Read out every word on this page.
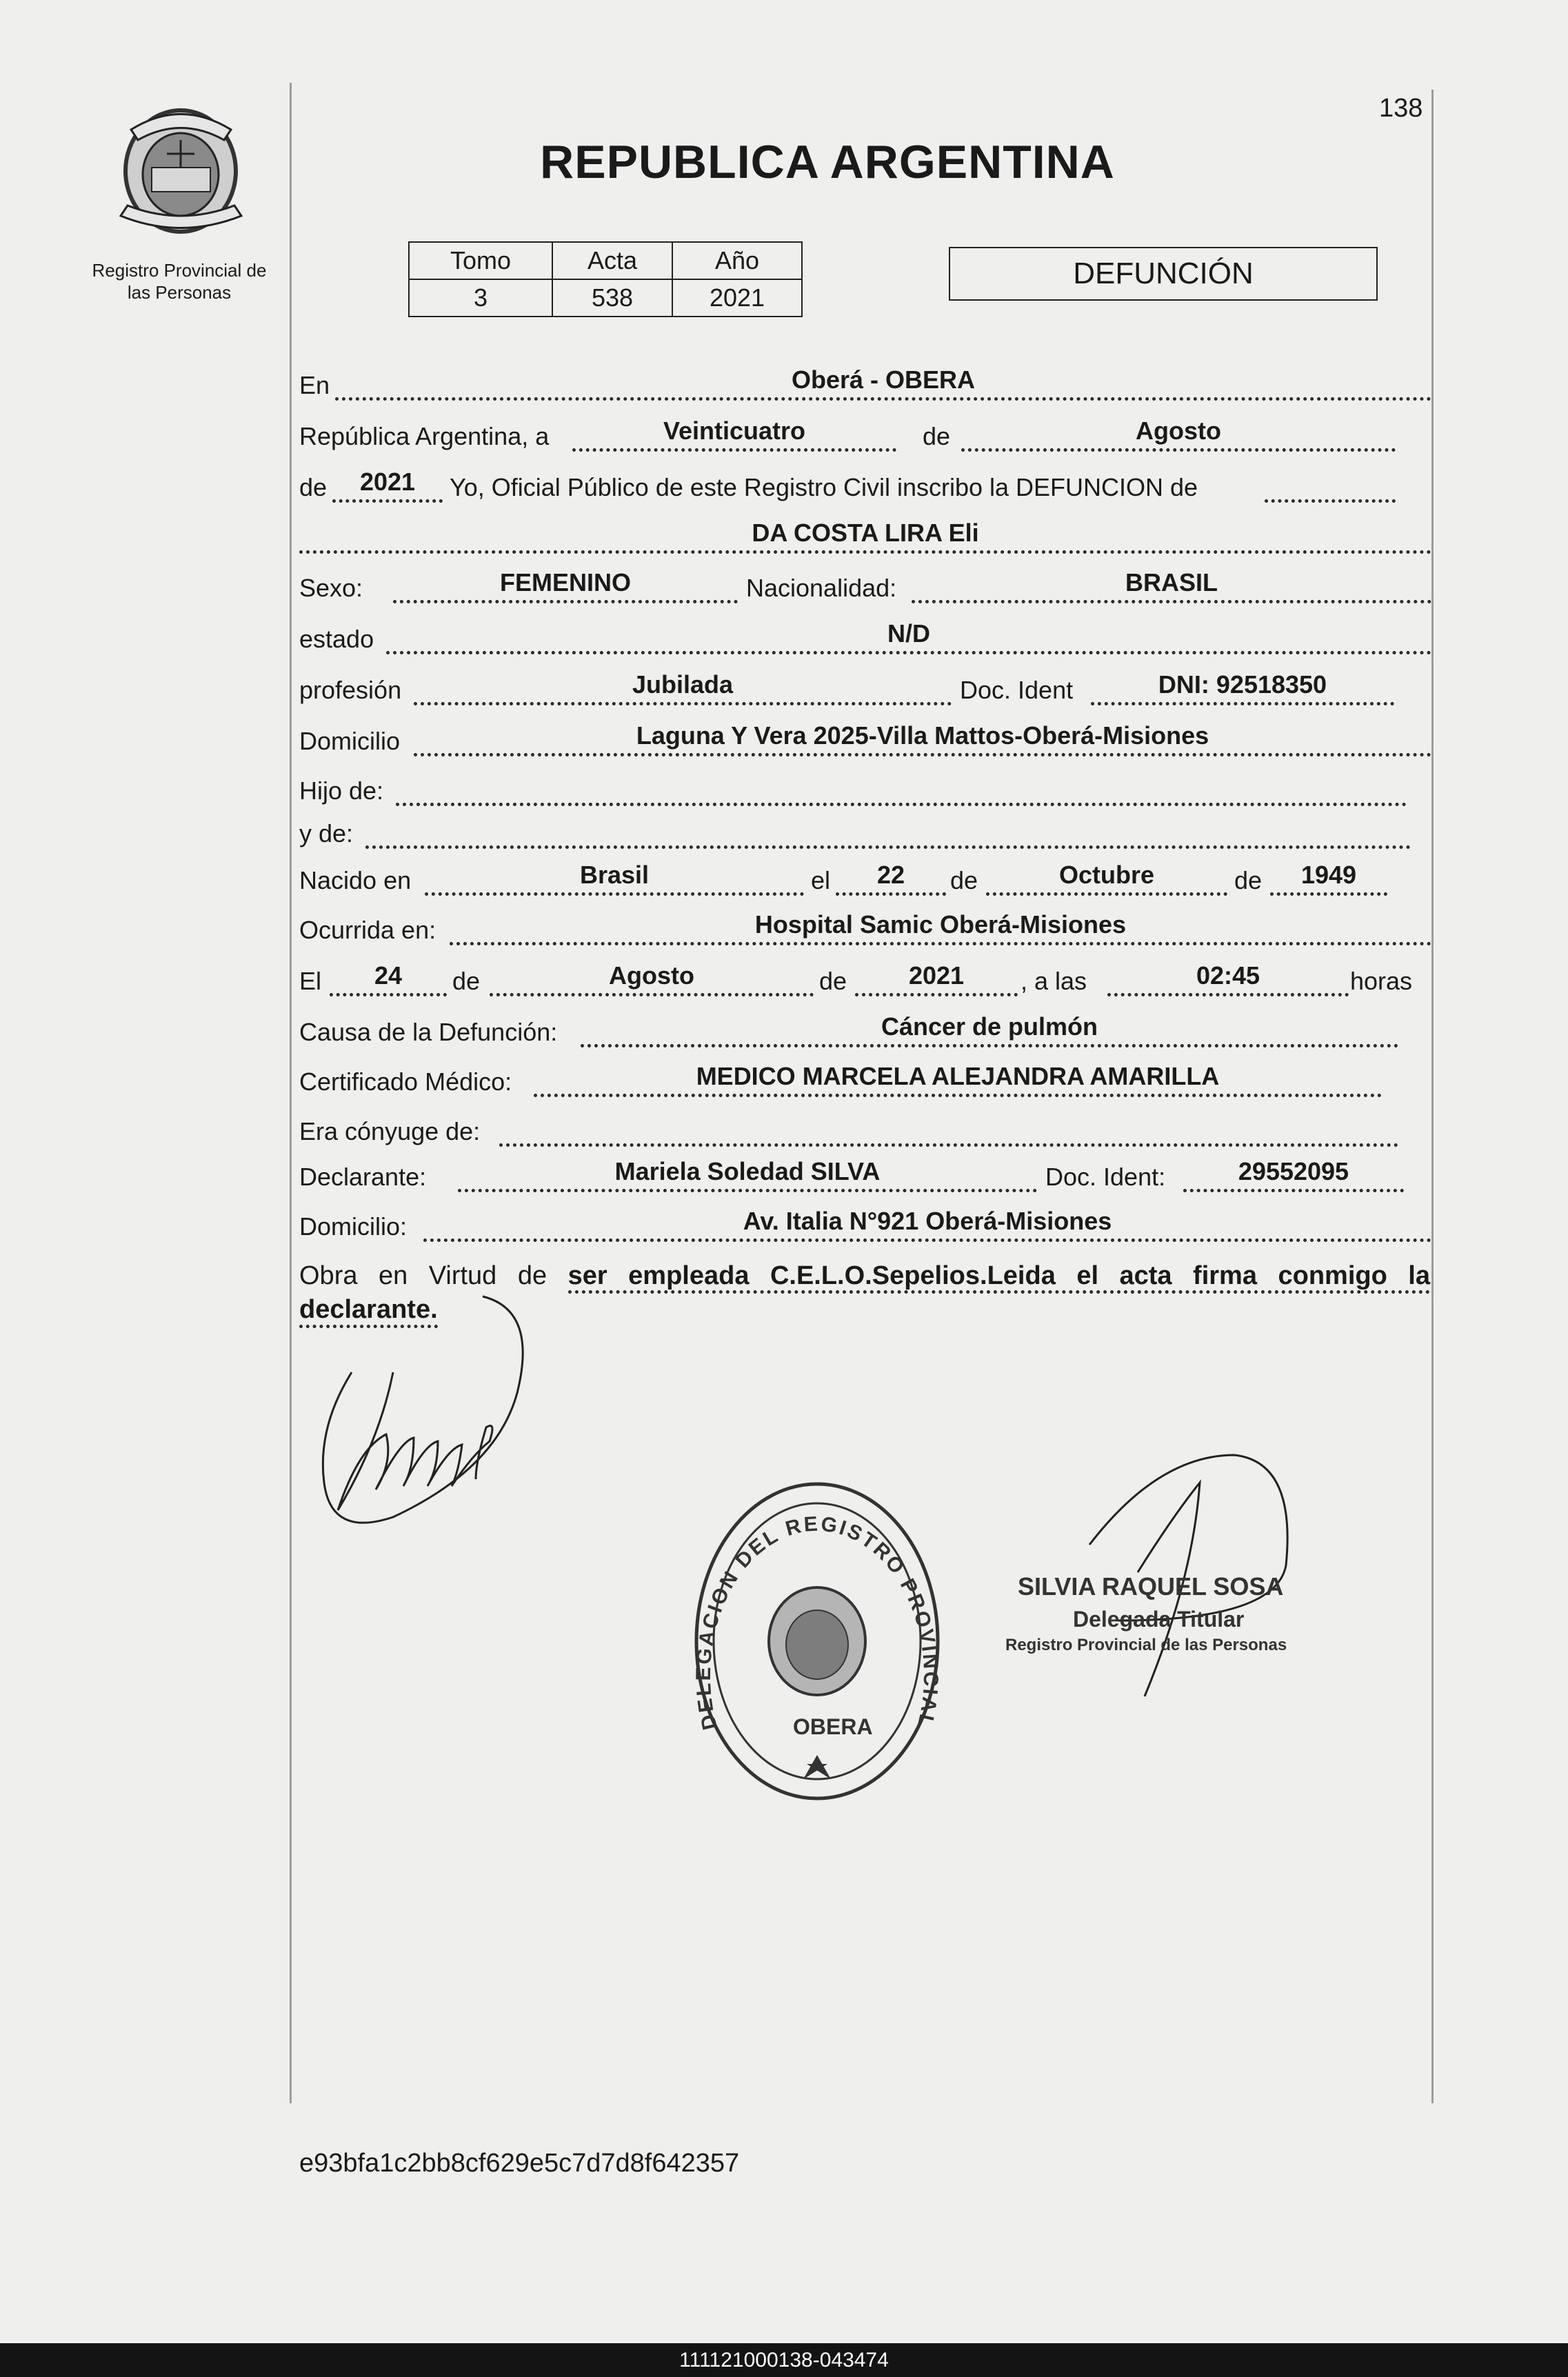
138
Registro Provincial de
las Personas
REPUBLICA ARGENTINA
Tomo	Acta	Año
3	538	2021
DEFUNCIÓN
En	Oberá - OBERA
República Argentina, a	Veinticuatro	de	Agosto
de	2021	Yo, Oficial Público de este Registro Civil inscribo la DEFUNCION de
DA COSTA LIRA Eli
Sexo:	FEMENINO	Nacionalidad:	BRASIL
estado	N/D
profesión	Jubilada	Doc. Ident	DNI: 92518350
Domicilio	Laguna Y Vera 2025-Villa Mattos-Oberá-Misiones
Hijo de:
y de:
Nacido en	Brasil	el	22	de	Octubre	de	1949
Ocurrida en:	Hospital Samic Oberá-Misiones
El	24	de	Agosto	de	2021	, a las	02:45	horas
Causa de la Defunción:	Cáncer de pulmón
Certificado Médico:	MEDICO MARCELA ALEJANDRA AMARILLA
Era cónyuge de:
Declarante:	Mariela Soledad SILVA	Doc. Ident:	29552095
Domicilio:	Av. Italia N°921 Oberá-Misiones
Obra en Virtud de ser empleada C.E.L.O.Sepelios.Leida el acta firma conmigo la
declarante.
DELEGACION DEL REGISTRO PROVINCIAL
OBERA
SILVIA RAQUEL SOSA
Delegada Titular
Registro Provincial de las Personas
e93bfa1c2bb8cf629e5c7d7d8f642357
111121000138-043474
